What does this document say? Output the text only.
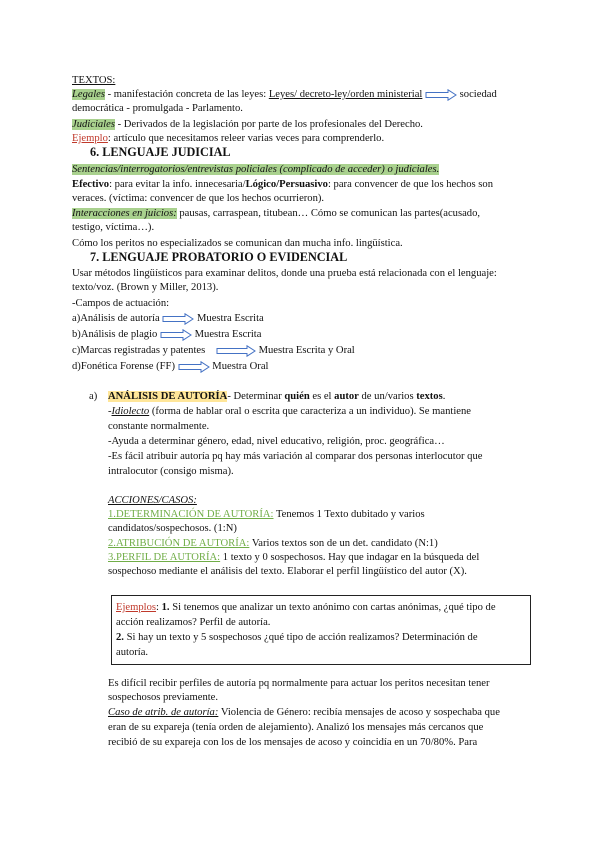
TEXTOS:
Legales - manifestación concreta de las leyes: Leyes/ decreto-ley/orden ministerial	sociedad
democrática - promulgada - Parlamento.
Judiciales - Derivados de la legislación por parte de los profesionales del Derecho.
Ejemplo: artículo que necesitamos releer varias veces para comprenderlo.
6. LENGUAJE JUDICIAL
Sentencias/interrogatorios/entrevistas policiales (complicado de acceder) o judiciales.
Efectivo: para evitar la info. innecesaria/Lógico/Persuasivo: para convencer de que los hechos son
veraces. (víctima: convencer de que los hechos ocurrieron).
Interacciones en juicios: pausas, carraspean, titubean… Cómo se comunican las partes(acusado,
testigo, víctima…).
Cómo los peritos no especializados se comunican dan mucha info. lingüística.
7. LENGUAJE PROBATORIO O EVIDENCIAL
Usar métodos lingüísticos para examinar delitos, donde una prueba está relacionada con el lenguaje:
texto/voz. (Brown y Miller, 2013).
-Campos de actuación:
a)Análisis de autoría	Muestra Escrita
b)Análisis de plagio	Muestra Escrita
c)Marcas registradas y patentes	Muestra Escrita y Oral
d)Fonética Forense (FF)	Muestra Oral
a) ANÁLISIS DE AUTORÍA- Determinar quién es el autor de un/varios textos.
-Idiolecto (forma de hablar oral o escrita que caracteriza a un individuo). Se mantiene
constante normalmente.
-Ayuda a determinar género, edad, nivel educativo, religión, proc. geográfica…
-Es fácil atribuir autoría pq hay más variación al comparar dos personas interlocutor que
intralocutor (consigo misma).
ACCIONES/CASOS:
1.DETERMINACIÓN DE AUTORÍA: Tenemos 1 Texto dubitado y varios
candidatos/sospechosos. (1:N)
2.ATRIBUCIÓN DE AUTORÍA: Varios textos son de un det. candidato (N:1)
3.PERFIL DE AUTORÍA: 1 texto y 0 sospechosos. Hay que indagar en la búsqueda del
sospechoso mediante el análisis del texto. Elaborar el perfil lingüístico del autor (X).
Ejemplos: 1. Si tenemos que analizar un texto anónimo con cartas anónimas, ¿qué tipo de
acción realizamos? Perfil de autoría.
2. Si hay un texto y 5 sospechosos ¿qué tipo de acción realizamos? Determinación de
autoría.
Es difícil recibir perfiles de autoría pq normalmente para actuar los peritos necesitan tener
sospechosos previamente.
Caso de atrib. de autoría: Violencia de Género: recibía mensajes de acoso y sospechaba que
eran de su expareja (tenía orden de alejamiento). Analizó los mensajes más cercanos que
recibió de su expareja con los de los mensajes de acoso y coincidía en un 70/80%. Para
